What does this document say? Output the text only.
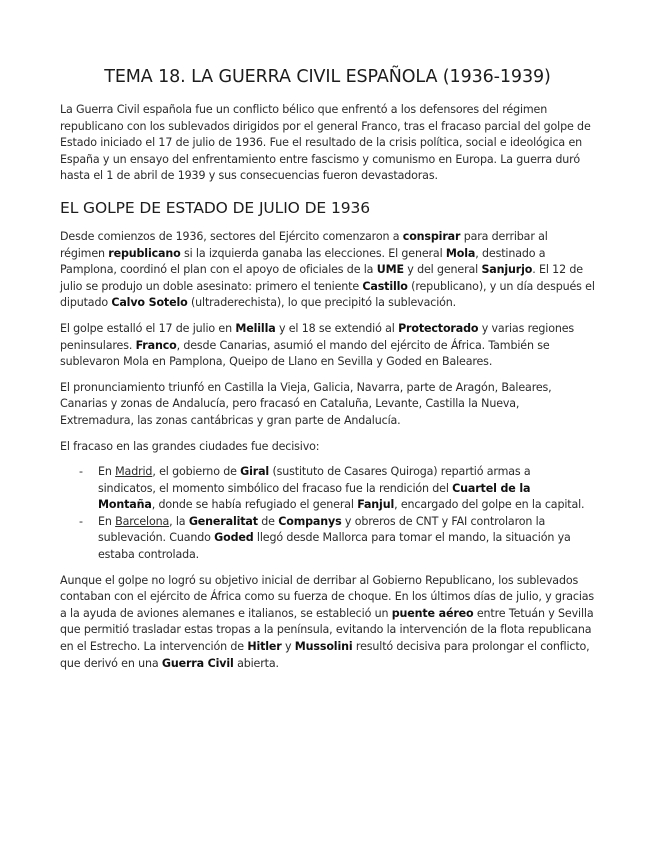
TEMA 18. LA GUERRA CIVIL ESPAÑOLA (1936-1939)

La Guerra Civil española fue un conflicto bélico que enfrentó a los defensores del régimen republicano con los sublevados dirigidos por el general Franco, tras el fracaso parcial del golpe de Estado iniciado el 17 de julio de 1936. Fue el resultado de la crisis política, social e ideológica en España y un ensayo del enfrentamiento entre fascismo y comunismo en Europa. La guerra duró hasta el 1 de abril de 1939 y sus consecuencias fueron devastadoras.

EL GOLPE DE ESTADO DE JULIO DE 1936

Desde comienzos de 1936, sectores del Ejército comenzaron a conspirar para derribar al régimen republicano si la izquierda ganaba las elecciones. El general Mola, destinado a Pamplona, coordinó el plan con el apoyo de oficiales de la UME y del general Sanjurjo. El 12 de julio se produjo un doble asesinato: primero el teniente Castillo (republicano), y un día después el diputado Calvo Sotelo (ultraderechista), lo que precipitó la sublevación.

El golpe estalló el 17 de julio en Melilla y el 18 se extendió al Protectorado y varias regiones peninsulares. Franco, desde Canarias, asumió el mando del ejército de África. También se sublevaron Mola en Pamplona, Queipo de Llano en Sevilla y Goded en Baleares.

El pronunciamiento triunfó en Castilla la Vieja, Galicia, Navarra, parte de Aragón, Baleares, Canarias y zonas de Andalucía, pero fracasó en Cataluña, Levante, Castilla la Nueva, Extremadura, las zonas cantábricas y gran parte de Andalucía.

El fracaso en las grandes ciudades fue decisivo:

- En Madrid, el gobierno de Giral (sustituto de Casares Quiroga) repartió armas a sindicatos, el momento simbólico del fracaso fue la rendición del Cuartel de la Montaña, donde se había refugiado el general Fanjul, encargado del golpe en la capital.
- En Barcelona, la Generalitat de Companys y obreros de CNT y FAI controlaron la sublevación. Cuando Goded llegó desde Mallorca para tomar el mando, la situación ya estaba controlada.

Aunque el golpe no logró su objetivo inicial de derribar al Gobierno Republicano, los sublevados contaban con el ejército de África como su fuerza de choque. En los últimos días de julio, y gracias a la ayuda de aviones alemanes e italianos, se estableció un puente aéreo entre Tetuán y Sevilla que permitió trasladar estas tropas a la península, evitando la intervención de la flota republicana en el Estrecho. La intervención de Hitler y Mussolini resultó decisiva para prolongar el conflicto, que derivó en una Guerra Civil abierta.
